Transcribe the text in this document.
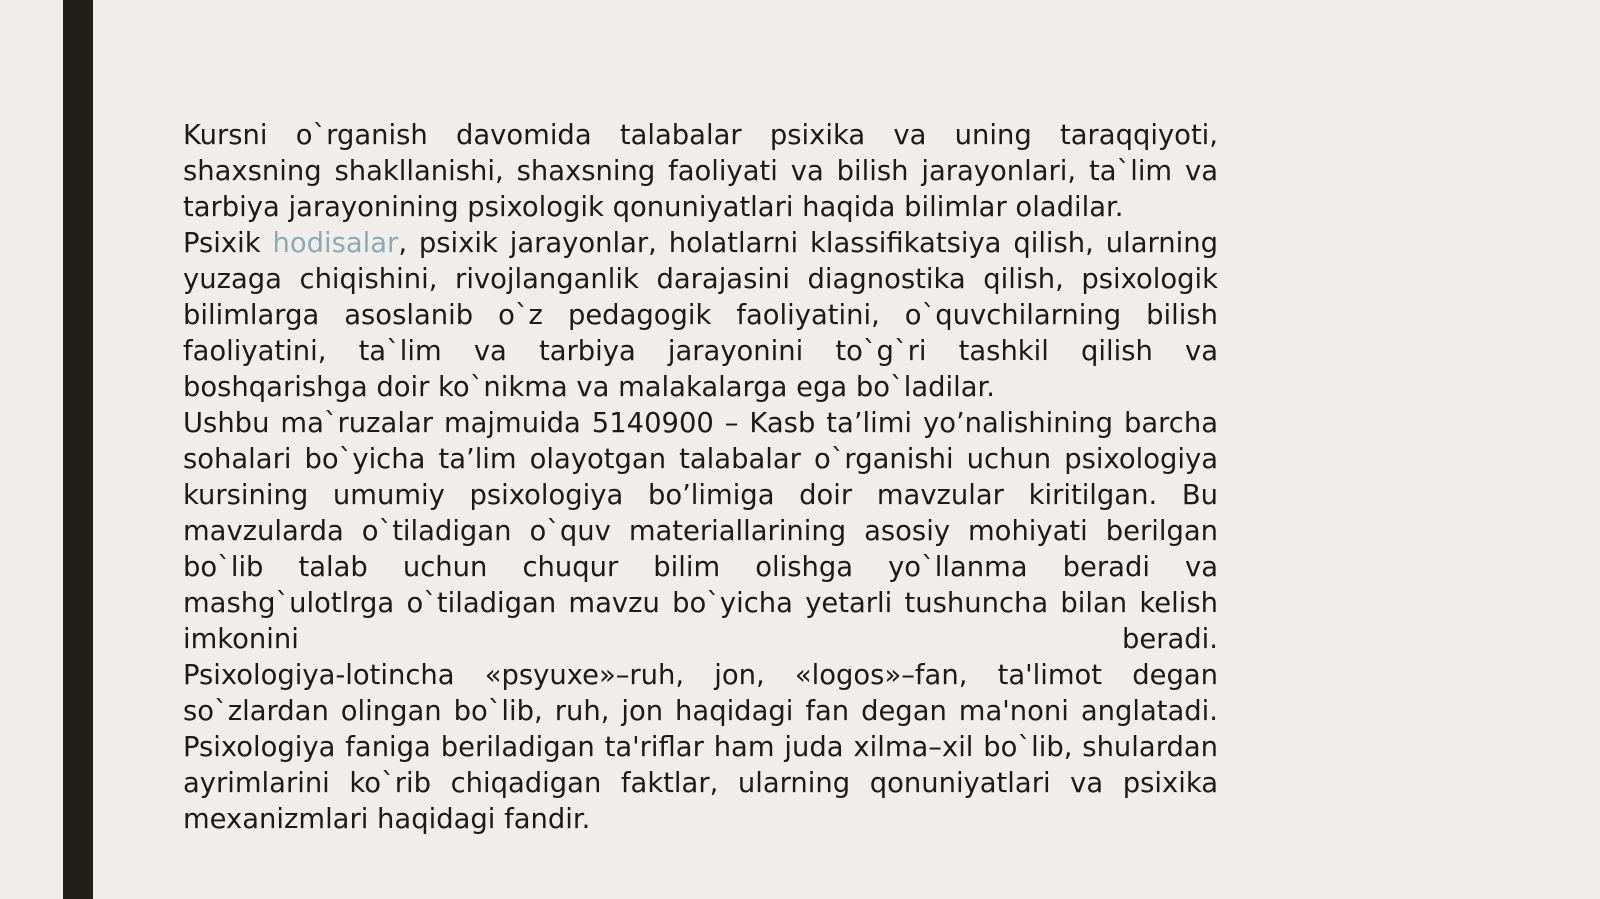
Kursni o`rganish davomida talabalar psixika va uning taraqqiyoti, shaxsning shakllanishi, shaxsning faoliyati va bilish jarayonlari, ta`lim va tarbiya jarayonining psixologik qonuniyatlari haqida bilimlar oladilar.

Psixik hodisalar, psixik jarayonlar, holatlarni klassifikatsiya qilish, ularning yuzaga chiqishini, rivojlanganlik darajasini diagnostika qilish, psixologik bilimlarga asoslanib o`z pedagogik faoliyatini, o`quvchilarning bilish faoliyatini, ta`lim va tarbiya jarayonini to`g`ri tashkil qilish va boshqarishga doir ko`nikma va malakalarga ega bo`ladilar.

Ushbu ma`ruzalar majmuida 5140900 – Kasb ta’limi yo’nalishining barcha sohalari bo`yicha ta’lim olayotgan talabalar o`rganishi uchun psixologiya kursining umumiy psixologiya bo’limiga doir mavzular kiritilgan. Bu mavzularda o`tiladigan o`quv materiallarining asosiy mohiyati berilgan bo`lib talab uchun chuqur bilim olishga yo`llanma beradi va mashg`ulotlrga o`tiladigan mavzu bo`yicha yetarli tushuncha bilan kelish imkonini beradi.

Psixologiya-lotincha «psyuxe»–ruh, jon, «logos»–fan, ta'limot degan so`zlardan olingan bo`lib, ruh, jon haqidagi fan degan ma'noni anglatadi. Psixologiya faniga beriladigan ta'riflar ham juda xilma–xil bo`lib, shulardan ayrimlarini ko`rib chiqadigan faktlar, ularning qonuniyatlari va psixika mexanizmlari haqidagi fandir.
